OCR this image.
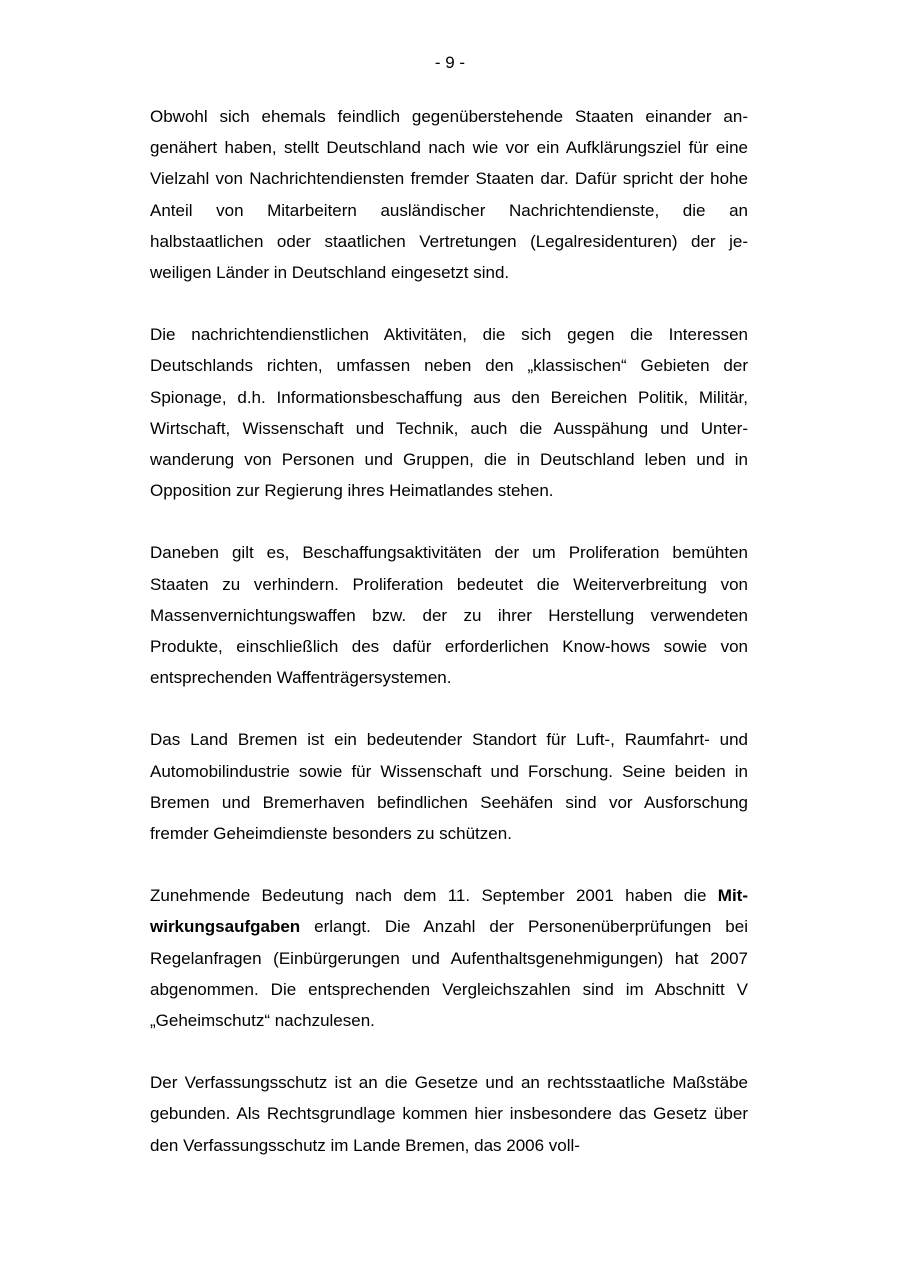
- 9 -

Obwohl sich ehemals feindlich gegenüberstehende Staaten einander angenähert haben, stellt Deutschland nach wie vor ein Aufklärungsziel für eine Vielzahl von Nachrichtendiensten fremder Staaten dar. Dafür spricht der hohe Anteil von Mitarbeitern ausländischer Nachrichtendienste, die an halbstaatlichen oder staatlichen Vertretungen (Legalresidenturen) der jeweiligen Länder in Deutschland eingesetzt sind.

Die nachrichtendienstlichen Aktivitäten, die sich gegen die Interessen Deutschlands richten, umfassen neben den „klassischen“ Gebieten der Spionage, d.h. Informationsbeschaffung aus den Bereichen Politik, Militär, Wirtschaft, Wissenschaft und Technik, auch die Ausspähung und Unterwanderung von Personen und Gruppen, die in Deutschland leben und in Opposition zur Regierung ihres Heimatlandes stehen.

Daneben gilt es, Beschaffungsaktivitäten der um Proliferation bemühten Staaten zu verhindern. Proliferation bedeutet die Weiterverbreitung von Massenvernichtungswaffen bzw. der zu ihrer Herstellung verwendeten Produkte, einschließlich des dafür erforderlichen Know-hows sowie von entsprechenden Waffenträgersystemen.

Das Land Bremen ist ein bedeutender Standort für Luft-, Raumfahrt- und Automobilindustrie sowie für Wissenschaft und Forschung. Seine beiden in Bremen und Bremerhaven befindlichen Seehäfen sind vor Ausforschung fremder Geheimdienste besonders zu schützen.

Zunehmende Bedeutung nach dem 11. September 2001 haben die Mitwirkungsaufgaben erlangt. Die Anzahl der Personenüberprüfungen bei Regelanfragen (Einbürgerungen und Aufenthaltsgenehmigungen) hat 2007 abgenommen. Die entsprechenden Vergleichszahlen sind im Abschnitt V „Geheimschutz“ nachzulesen.

Der Verfassungsschutz ist an die Gesetze und an rechtsstaatliche Maßstäbe gebunden. Als Rechtsgrundlage kommen hier insbesondere das Gesetz über den Verfassungsschutz im Lande Bremen, das 2006 voll-
